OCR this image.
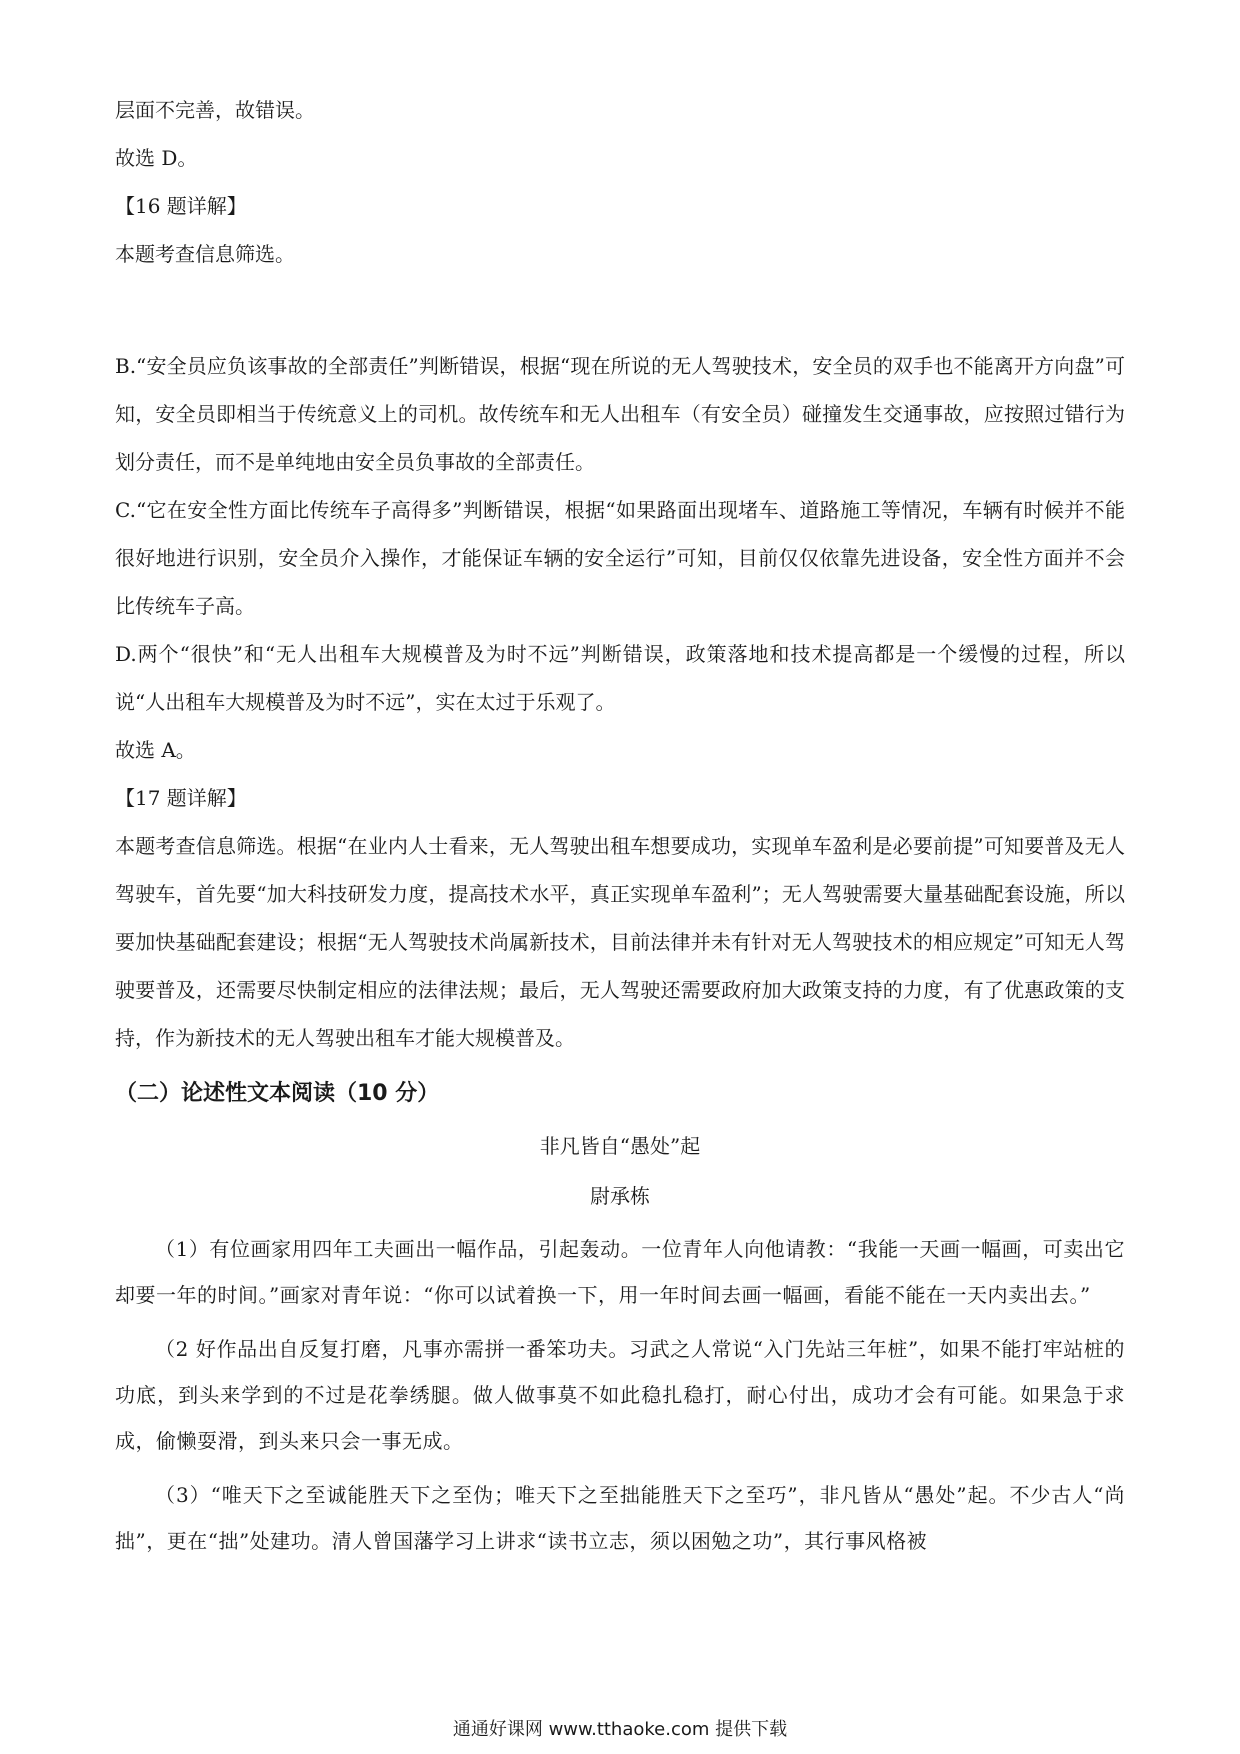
层面不完善，故错误。

故选 D。

【16 题详解】

本题考查信息筛选。

B.“安全员应负该事故的全部责任”判断错误，根据“现在所说的无人驾驶技术，安全员的双手也不能离开方向盘”可知，安全员即相当于传统意义上的司机。故传统车和无人出租车（有安全员）碰撞发生交通事故，应按照过错行为划分责任，而不是单纯地由安全员负事故的全部责任。

C.“它在安全性方面比传统车子高得多”判断错误，根据“如果路面出现堵车、道路施工等情况，车辆有时候并不能很好地进行识别，安全员介入操作，才能保证车辆的安全运行”可知，目前仅仅依靠先进设备，安全性方面并不会比传统车子高。

D.两个“很快”和“无人出租车大规模普及为时不远”判断错误，政策落地和技术提高都是一个缓慢的过程，所以说“人出租车大规模普及为时不远”，实在太过于乐观了。

故选 A。

【17 题详解】

本题考查信息筛选。根据“在业内人士看来，无人驾驶出租车想要成功，实现单车盈利是必要前提”可知要普及无人驾驶车，首先要“加大科技研发力度，提高技术水平，真正实现单车盈利”；无人驾驶需要大量基础配套设施，所以要加快基础配套建设；根据“无人驾驶技术尚属新技术，目前法律并未有针对无人驾驶技术的相应规定”可知无人驾驶要普及，还需要尽快制定相应的法律法规；最后，无人驾驶还需要政府加大政策支持的力度，有了优惠政策的支持，作为新技术的无人驾驶出租车才能大规模普及。

（二）论述性文本阅读（10 分）

非凡皆自“愚处”起

尉承栋

（1）有位画家用四年工夫画出一幅作品，引起轰动。一位青年人向他请教：“我能一天画一幅画，可卖出它却要一年的时间。”画家对青年说：“你可以试着换一下，用一年时间去画一幅画，看能不能在一天内卖出去。”

（2 好作品出自反复打磨，凡事亦需拼一番笨功夫。习武之人常说“入门先站三年桩”，如果不能打牢站桩的功底，到头来学到的不过是花拳绣腿。做人做事莫不如此稳扎稳打，耐心付出，成功才会有可能。如果急于求成，偷懒耍滑，到头来只会一事无成。

（3）“唯天下之至诚能胜天下之至伪；唯天下之至拙能胜天下之至巧”，非凡皆从“愚处”起。不少古人“尚拙”，更在“拙”处建功。清人曾国藩学习上讲求“读书立志，须以困勉之功”，其行事风格被

通通好课网 www.tthaoke.com 提供下载
